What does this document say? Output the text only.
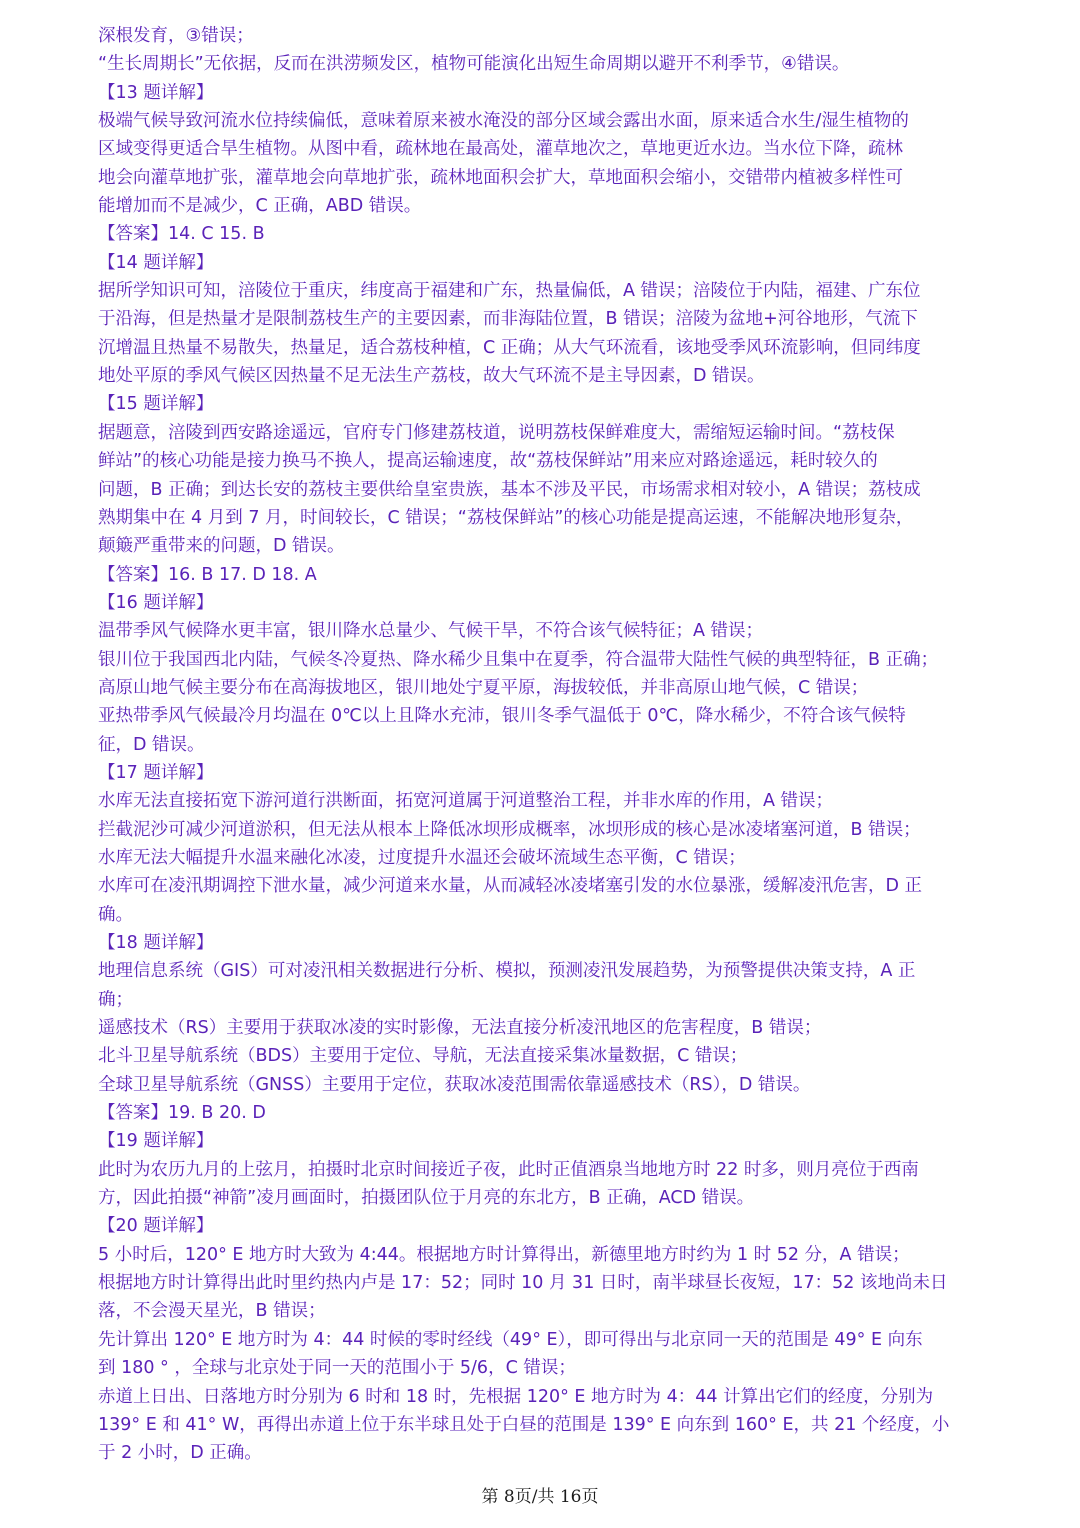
深根发育，③错误；
“生长周期长”无依据，反而在洪涝频发区，植物可能演化出短生命周期以避开不利季节，④错误。
【13 题详解】
极端气候导致河流水位持续偏低，意味着原来被水淹没的部分区域会露出水面，原来适合水生/湿生植物的
区域变得更适合旱生植物。从图中看，疏林地在最高处，灌草地次之，草地更近水边。当水位下降，疏林
地会向灌草地扩张，灌草地会向草地扩张，疏林地面积会扩大，草地面积会缩小，交错带内植被多样性可
能增加而不是减少，C 正确，ABD 错误。
【答案】14. C 15. B
【14 题详解】
据所学知识可知，涪陵位于重庆，纬度高于福建和广东，热量偏低，A 错误；涪陵位于内陆，福建、广东位
于沿海，但是热量才是限制荔枝生产的主要因素，而非海陆位置，B 错误；涪陵为盆地+河谷地形，气流下
沉增温且热量不易散失，热量足，适合荔枝种植，C 正确；从大气环流看，该地受季风环流影响，但同纬度
地处平原的季风气候区因热量不足无法生产荔枝，故大气环流不是主导因素，D 错误。
【15 题详解】
据题意，涪陵到西安路途遥远，官府专门修建荔枝道，说明荔枝保鲜难度大，需缩短运输时间。“荔枝保
鲜站”的核心功能是接力换马不换人，提高运输速度，故“荔枝保鲜站”用来应对路途遥远，耗时较久的
问题，B 正确；到达长安的荔枝主要供给皇室贵族，基本不涉及平民，市场需求相对较小，A 错误；荔枝成
熟期集中在 4 月到 7 月，时间较长，C 错误；“荔枝保鲜站”的核心功能是提高运速，不能解决地形复杂，
颠簸严重带来的问题，D 错误。
【答案】16. B 17. D 18. A
【16 题详解】
温带季风气候降水更丰富，银川降水总量少、气候干旱，不符合该气候特征；A 错误；
银川位于我国西北内陆，气候冬冷夏热、降水稀少且集中在夏季，符合温带大陆性气候的典型特征，B 正确；
高原山地气候主要分布在高海拔地区，银川地处宁夏平原，海拔较低，并非高原山地气候，C 错误；
亚热带季风气候最冷月均温在 0℃以上且降水充沛，银川冬季气温低于 0℃，降水稀少，不符合该气候特
征，D 错误。
【17 题详解】
水库无法直接拓宽下游河道行洪断面，拓宽河道属于河道整治工程，并非水库的作用，A 错误；
拦截泥沙可减少河道淤积，但无法从根本上降低冰坝形成概率，冰坝形成的核心是冰凌堵塞河道，B 错误；
水库无法大幅提升水温来融化冰凌，过度提升水温还会破坏流域生态平衡，C 错误；
水库可在凌汛期调控下泄水量，减少河道来水量，从而减轻冰凌堵塞引发的水位暴涨，缓解凌汛危害，D 正
确。
【18 题详解】
地理信息系统（GIS）可对凌汛相关数据进行分析、模拟，预测凌汛发展趋势，为预警提供决策支持，A 正
确；
遥感技术（RS）主要用于获取冰凌的实时影像，无法直接分析凌汛地区的危害程度，B 错误；
北斗卫星导航系统（BDS）主要用于定位、导航，无法直接采集冰量数据，C 错误；
全球卫星导航系统（GNSS）主要用于定位，获取冰凌范围需依靠遥感技术（RS），D 错误。
【答案】19. B 20. D
【19 题详解】
此时为农历九月的上弦月，拍摄时北京时间接近子夜，此时正值酒泉当地地方时 22 时多，则月亮位于西南
方，因此拍摄“神箭”凌月画面时，拍摄团队位于月亮的东北方，B 正确，ACD 错误。
【20 题详解】
5 小时后，120° E 地方时大致为 4:44。根据地方时计算得出，新德里地方时约为 1 时 52 分，A 错误；
根据地方时计算得出此时里约热内卢是 17：52；同时 10 月 31 日时，南半球昼长夜短，17：52 该地尚未日
落，不会漫天星光，B 错误；
先计算出 120° E 地方时为 4：44 时候的零时经线（49° E），即可得出与北京同一天的范围是 49° E 向东
到 180 ° ，全球与北京处于同一天的范围小于 5/6，C 错误；
赤道上日出、日落地方时分别为 6 时和 18 时，先根据 120° E 地方时为 4：44 计算出它们的经度，分别为
139° E 和 41° W，再得出赤道上位于东半球且处于白昼的范围是 139° E 向东到 160° E，共 21 个经度，小
于 2 小时，D 正确。
第 8页/共 16页
